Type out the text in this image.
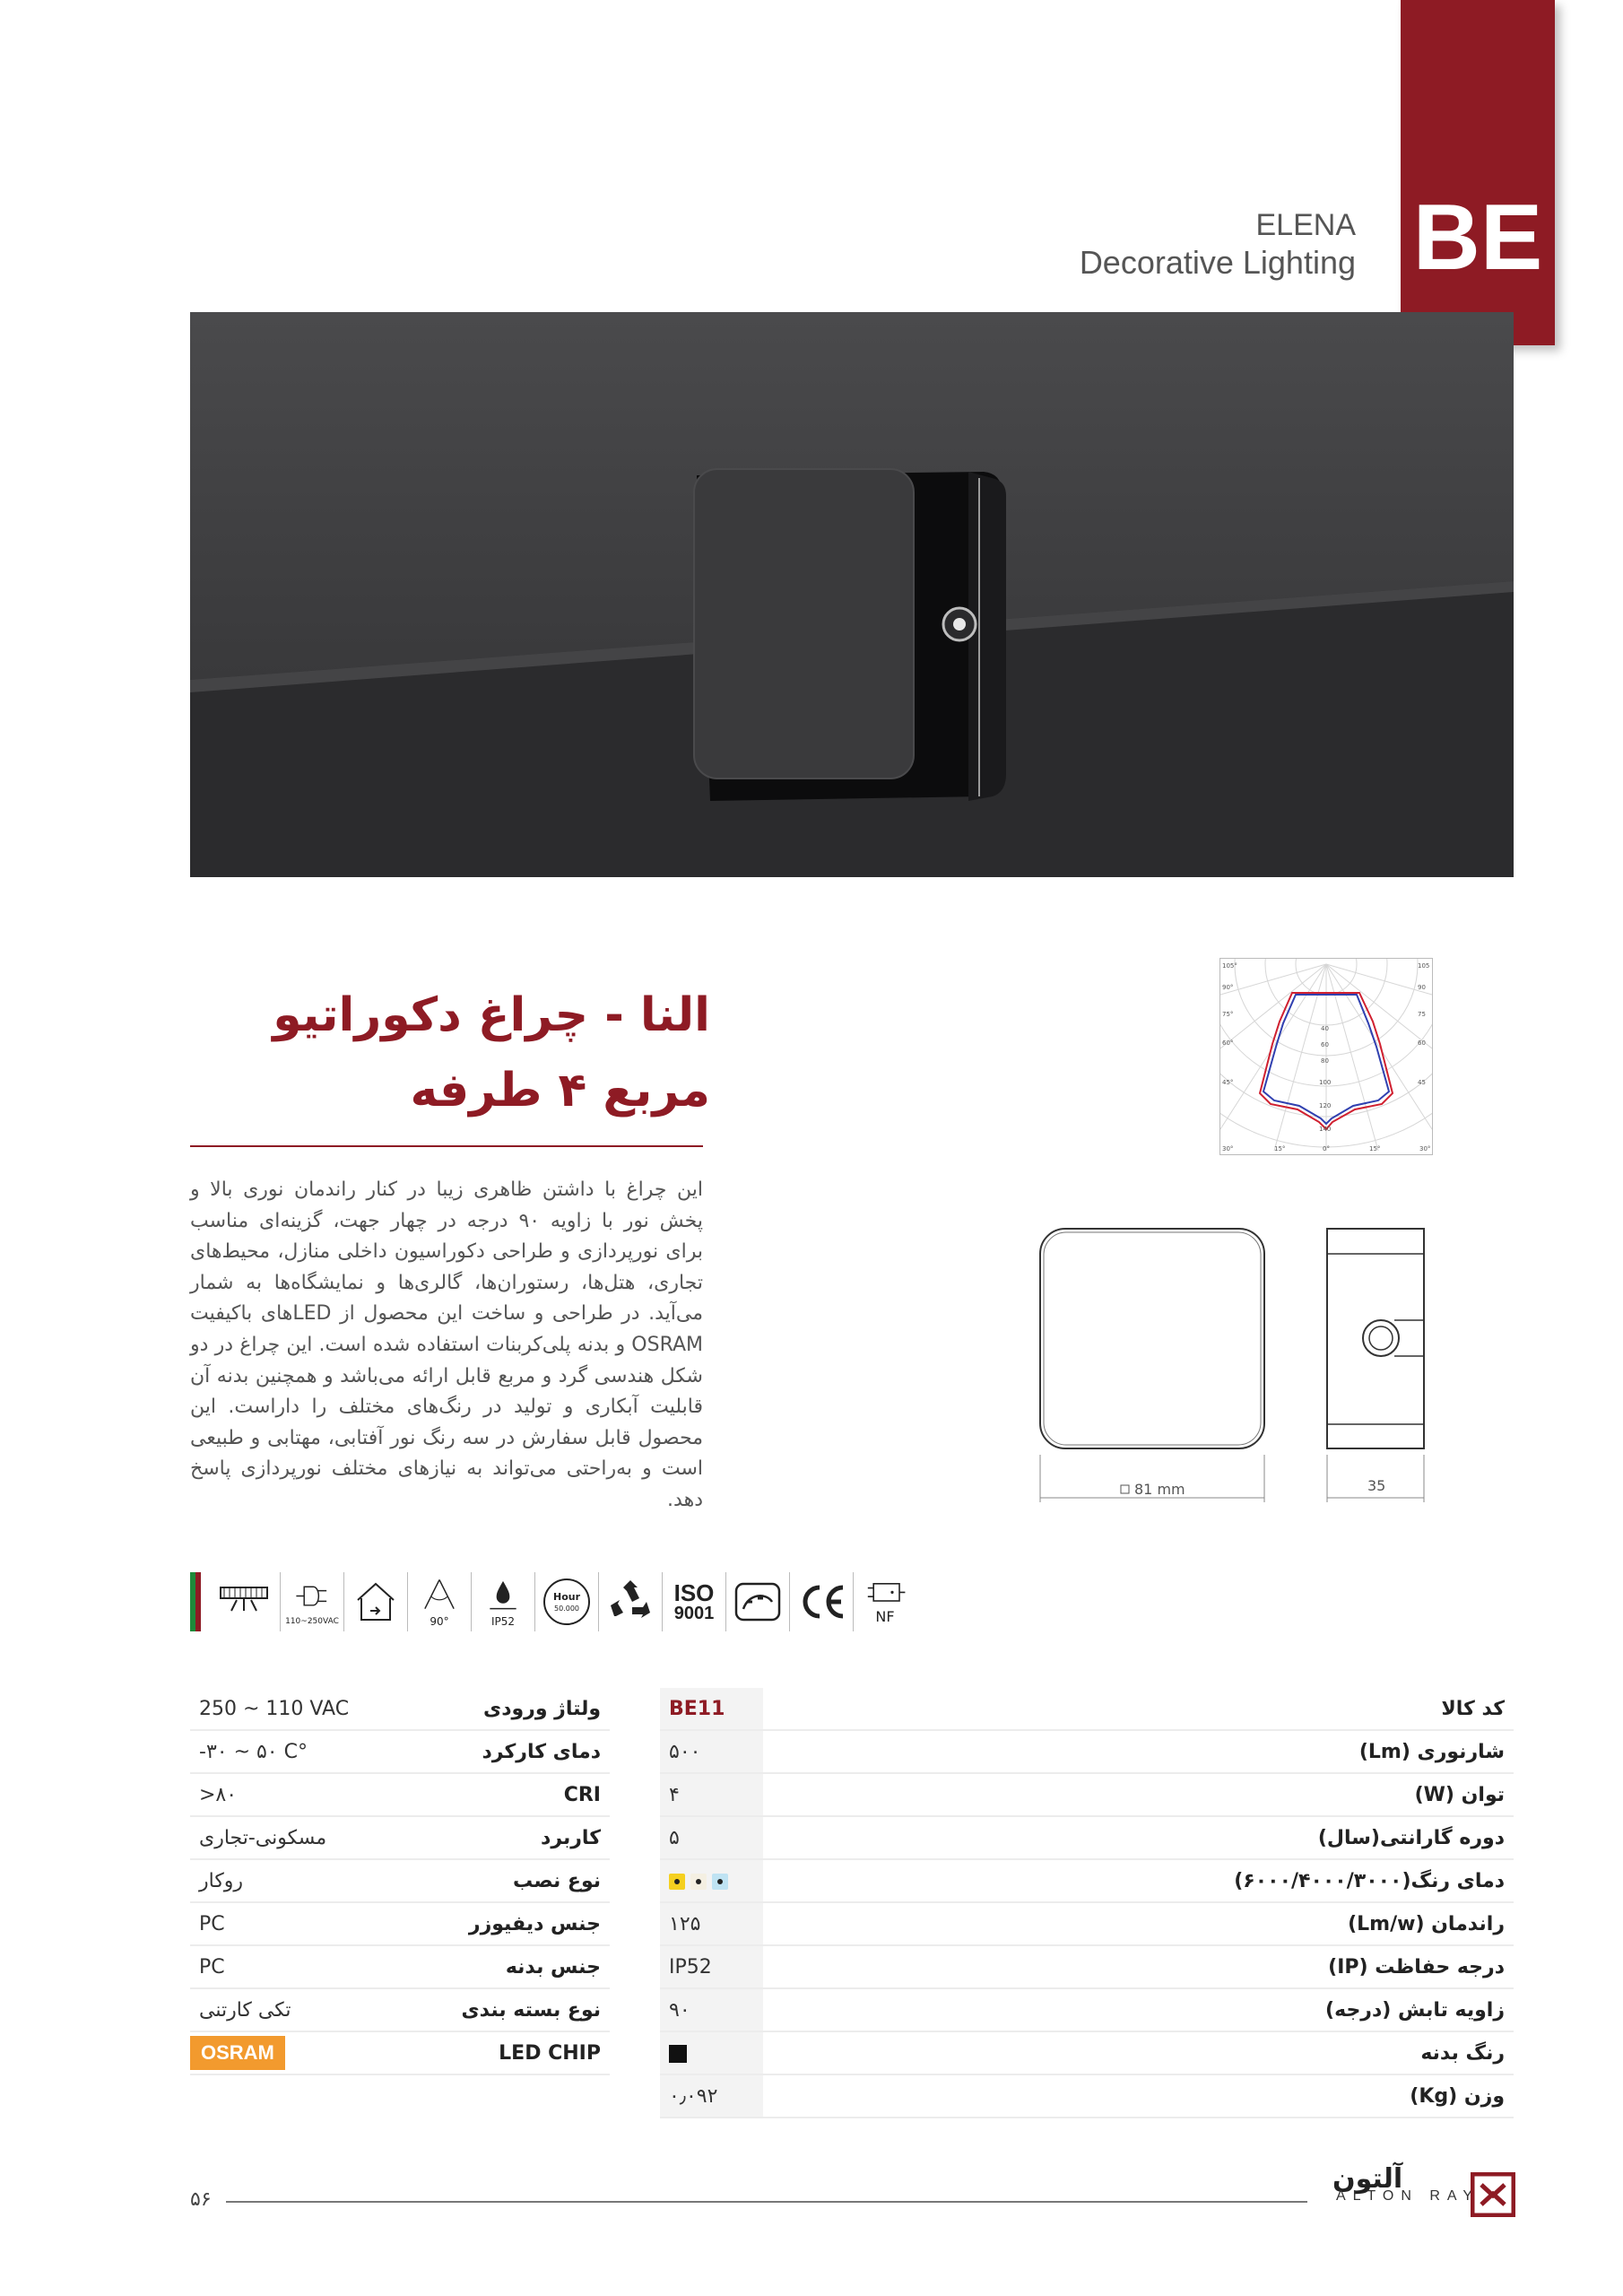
BE
ELENA
Decorative Lighting
النا - چراغ دکوراتیو مربع ۴ طرفه
این چراغ با داشتن ظاهری زیبا در کنار راندمان نوری بالا و پخش نور با زاویه ۹۰ درجه در چهار جهت، گزینه‌ای مناسب برای نورپردازی و طراحی دکوراسیون داخلی منازل، محیط‌های تجاری، هتل‌ها، رستوران‌ها، گالری‌ها و نمایشگاه‌ها به شمار می‌آید. در طراحی و ساخت این محصول از LEDهای باکیفیت OSRAM و بدنه پلی‌کربنات استفاده شده است. این چراغ در دو شکل هندسی گرد و مربع قابل ارائه می‌باشد و همچنین بدنه آن قابلیت آبکاری و تولید در رنگ‌های مختلف را داراست. این محصول قابل سفارش در سه رنگ نور آفتابی، مهتابی و طبیعی است و به‌راحتی می‌تواند به نیازهای مختلف نورپردازی پاسخ دهد.
105°
90°
75°
60°
45°
105
90
75
60
45
30°	15°	0°	15°	30°
40
60
80
100
120
140
81 mm	35
110~250VAC	90°	IP52
Hour
50.000
ISO
9001	NF
کد کالا	BE11
شارنوری (Lm)	۵۰۰
توان (W)	۴
دوره گارانتی(سال)	۵
دمای رنگ(۶۰۰۰/۴۰۰۰/۳۰۰۰)	

راندمان (Lm/w)	۱۲۵
درجه حفاظت (IP)	IP52
زاویه تابش (درجه)	۹۰
رنگ بدنه	
وزن (Kg)	۰٫۰۹۲
ولتاژ ورودی	250 ~ 110 VAC
دمای کارکرد	-۳۰ ~ ۵۰ C°
CRI	>۸۰
کاربرد	مسکونی-تجاری
نوع نصب	روکار
جنس دیفیوزر	PC
جنس بدنه	PC
نوع بسته بندی	تکی کارتنی
LED CHIP	OSRAM
۵۶
آلتون
ALTON RAY
